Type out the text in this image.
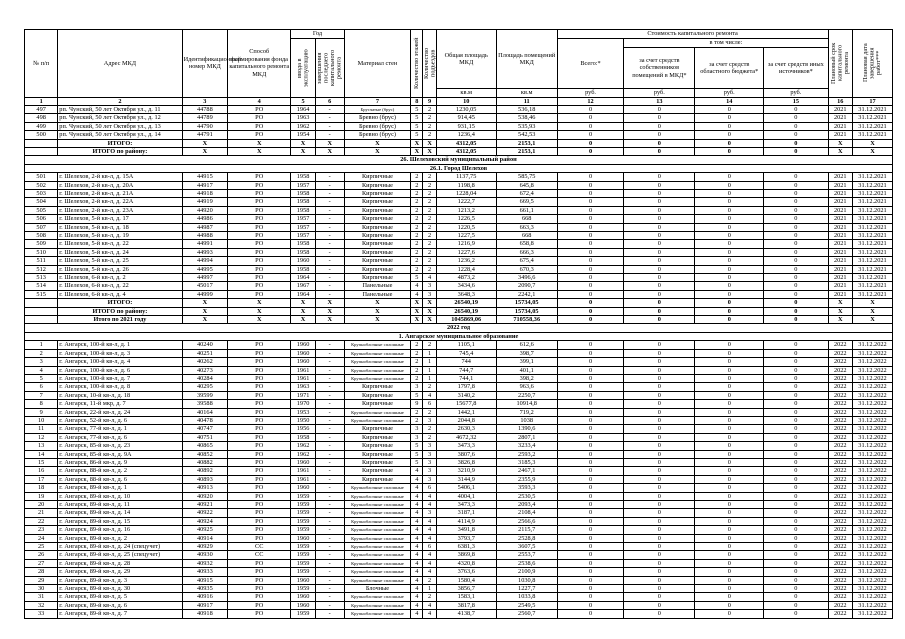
№ п/п	Адрес МКД	Идентификационный номер МКД	Способ формирования фонда капитального ремонта МКД	Год		Материал стен	Количество этажей	Количество подъездов	Общая площадь МКД	Площадь помещений МКД	Стоимость капитального ремонта				Плановый срок капитального ремонта	Плановая дата завершения работ***

				ввода в эксплуатацию	завершения последнего капитального ремонта						Всего:*	в том числе:				
												за счет средств собственников помещений в МКД*	за счет средств областного бюджета*	за счет средств иных источников*		
									кв.м	кв.м	руб.	руб.	руб.	руб.		
1	2	3	4	5	6	7	8	9	10	11	12	13	14	15	16	17
497	рп. Чунский, 50 лет Октября ул., д. 11	44788	РО	1964	-	Брусчатые (брус)	5	2	1230,05	536,18	0	0	0	0	2021	31.12.2021
498	рп. Чунский, 50 лет Октября ул., д. 12	44789	РО	1963	-	Бревно (брус)	5	2	914,45	538,46	0	0	0	0	2021	31.12.2021
499	рп. Чунский, 50 лет Октября ул., д. 13	44790	РО	1962	-	Бревно (брус)	5	2	931,15	535,93	0	0	0	0	2021	31.12.2021
500	рп. Чунский, 50 лет Октября ул., д. 14	44791	РО	1954	-	Бревно (брус)	5	2	1236,4	542,53	0	0	0	0	2021	31.12.2021
	ИТОГО:	X	X	X	X	X	X	X	4312,05	2153,1	0	0	0	0	X	X
	ИТОГО по району:	X	X	X	X	X	X	X	4312,05	2153,1	0	0	0	0	X	X
26. Шелеховский муниципальный район																
26.1. Город Шелехов																
501	г. Шелехов, 2-й кв-л, д. 15А	44915	РО	1958	-	Кирпичные	2	2	1137,75	585,75	0	0	0	0	2021	31.12.2021
502	г. Шелехов, 2-й кв-л, д. 20А	44917	РО	1957	-	Кирпичные	2	2	1198,8	645,8	0	0	0	0	2021	31.12.2021
503	г. Шелехов, 2-й кв-л, д. 21А	44918	РО	1958	-	Кирпичные	2	2	1228,04	672,4	0	0	0	0	2021	31.12.2021
504	г. Шелехов, 2-й кв-л, д. 22А	44919	РО	1958	-	Кирпичные	2	2	1222,7	669,5	0	0	0	0	2021	31.12.2021
505	г. Шелехов, 2-й кв-л, д. 23А	44920	РО	1958	-	Кирпичные	2	2	1213,2	661,1	0	0	0	0	2021	31.12.2021
506	г. Шелехов, 5-й кв-л, д. 17	44986	РО	1957	-	Кирпичные	2	2	1226,5	668	0	0	0	0	2021	31.12.2021
507	г. Шелехов, 5-й кв-л, д. 18	44987	РО	1957	-	Кирпичные	2	2	1220,5	663,3	0	0	0	0	2021	31.12.2021
508	г. Шелехов, 5-й кв-л, д. 19	44988	РО	1957	-	Кирпичные	2	2	1227,5	668	0	0	0	0	2021	31.12.2021
509	г. Шелехов, 5-й кв-л, д. 22	44991	РО	1958	-	Кирпичные	2	2	1216,9	658,8	0	0	0	0	2021	31.12.2021
510	г. Шелехов, 5-й кв-л, д. 24	44993	РО	1958	-	Кирпичные	2	2	1227,6	666,3	0	0	0	0	2021	31.12.2021
511	г. Шелехов, 5-й кв-л, д. 25	44994	РО	1960	-	Кирпичные	2	2	1236,2	675,4	0	0	0	0	2021	31.12.2021
512	г. Шелехов, 5-й кв-л, д. 26	44995	РО	1958	-	Кирпичные	2	2	1228,4	670,3	0	0	0	0	2021	31.12.2021
513	г. Шелехов, 6-й кв-л, д. 2	44997	РО	1964	-	Кирпичные	5	4	4873,2	3496,6	0	0	0	0	2021	31.12.2021
514	г. Шелехов, 6-й кв-л, д. 22	45017	РО	1967	-	Панельные	4	3	3434,6	2090,7	0	0	0	0	2021	31.12.2021
515	г. Шелехов, 6-й кв-л, д. 4	44999	РО	1964	-	Панельные	4	3	3648,3	2242,1	0	0	0	0	2021	31.12.2021
	ИТОГО:	X	X	X	X	X	X	X	26540,19	15734,05	0	0	0	0	X	X
	ИТОГО по району:	X	X	X	X	X	X	X	26540,19	15734,05	0	0	0	0	X	X
	Итого по 2021 году	X	X	X	X	X	X	X	1045869,06	710558,36	0	0	0	0	X	X
2022 год																
1. Ангарское муниципальное образование																
1	г. Ангарск, 100-й кв-л, д. 1	40240	РО	1960	-	Крупноблочные сплошные	2	2	1105,1	612,6	0	0	0	0	2022	31.12.2022
2	г. Ангарск, 100-й кв-л, д. 3	40251	РО	1960	-	Крупноблочные сплошные	2	1	745,4	398,7	0	0	0	0	2022	31.12.2022
3	г. Ангарск, 100-й кв-л, д. 4	40262	РО	1960	-	Крупноблочные сплошные	2	1	744	399,1	0	0	0	0	2022	31.12.2022
4	г. Ангарск, 100-й кв-л, д. 6	40273	РО	1961	-	Крупноблочные сплошные	2	1	744,7	401,1	0	0	0	0	2022	31.12.2022
5	г. Ангарск, 100-й кв-л, д. 7	40284	РО	1961	-	Крупноблочные сплошные	2	1	744,1	398,2	0	0	0	0	2022	31.12.2022
6	г. Ангарск, 100-й кв-л, д. 8	40295	РО	1963	-	Кирпичные	3	2	1797,8	963,6	0	0	0	0	2022	31.12.2022
7	г. Ангарск, 10-й кв-л, д. 18	39599	РО	1971	-	Кирпичные	5	4	3140,2	2250,7	0	0	0	0	2022	31.12.2022
8	г. Ангарск, 11-й мкр, д. 7	39588	РО	1970	-	Кирпичные	9	6	15677,8	10914,8	0	0	0	0	2022	31.12.2022
9	г. Ангарск, 22-й кв-л, д. 24	40164	РО	1953	-	Крупноблочные сплошные	2	2	1442,1	719,2	0	0	0	0	2022	31.12.2022
10	г. Ангарск, 52-й кв-л, д. 6	40478	РО	1950	-	Крупноблочные сплошные	2	3	2044,8	1038	0	0	0	0	2022	31.12.2022
11	г. Ангарск, 77-й кв-л, д. 1	40747	РО	1956	-	Кирпичные	3	2	2630,3	1390,6	0	0	0	0	2022	31.12.2022
12	г. Ангарск, 77-й кв-л, д. 6	40751	РО	1958	-	Кирпичные	3	2	4672,32	2807,1	0	0	0	0	2022	31.12.2022
13	г. Ангарск, 85-й кв-л, д. 23	40865	РО	1962	-	Кирпичные	5	3	3473,3	3233,4	0	0	0	0	2022	31.12.2022
14	г. Ангарск, 85-й кв-л, д. 9А	40852	РО	1962	-	Кирпичные	5	3	3807,6	2593,2	0	0	0	0	2022	31.12.2022
15	г. Ангарск, 86-й кв-л, д. 9	40882	РО	1960	-	Кирпичные	5	3	3826,8	3185,3	0	0	0	0	2022	31.12.2022
16	г. Ангарск, 88-й кв-л, д. 2	40892	РО	1961	-	Кирпичные	4	3	3210,9	2467,1	0	0	0	0	2022	31.12.2022
17	г. Ангарск, 88-й кв-л, д. 6	40893	РО	1961	-	Кирпичные	4	3	3144,9	2355,9	0	0	0	0	2022	31.12.2022
18	г. Ангарск, 89-й кв-л, д. 1	40913	РО	1960	-	Крупноблочные сплошные	4	6	5406,1	3593,3	0	0	0	0	2022	31.12.2022
19	г. Ангарск, 89-й кв-л, д. 10	40920	РО	1959	-	Крупноблочные сплошные	4	4	4004,1	2530,5	0	0	0	0	2022	31.12.2022
20	г. Ангарск, 89-й кв-л, д. 11	40921	РО	1959	-	Крупноблочные сплошные	4	4	3473,3	2093,4	0	0	0	0	2022	31.12.2022
21	г. Ангарск, 89-й кв-л, д. 14	40922	РО	1959	-	Крупноблочные сплошные	4	3	3187,1	2108,4	0	0	0	0	2022	31.12.2022
22	г. Ангарск, 89-й кв-л, д. 15	40924	РО	1959	-	Крупноблочные сплошные	4	4	4114,9	2566,6	0	0	0	0	2022	31.12.2022
23	г. Ангарск, 89-й кв-л, д. 16	40925	РО	1959	-	Крупноблочные сплошные	4	4	3491,8	2115,7	0	0	0	0	2022	31.12.2022
24	г. Ангарск, 89-й кв-л, д. 2	40914	РО	1960	-	Крупноблочные сплошные	4	4	3793,7	2528,8	0	0	0	0	2022	31.12.2022
25	г. Ангарск, 89-й кв-л, д. 24 (спецучет)	40929	СС	1959	-	Крупноблочные сплошные	4	6	6381,3	3607,5	0	0	0	0	2022	31.12.2022
26	г. Ангарск, 89-й кв-л, д. 25 (спецучет)	40930	СС	1959	-	Крупноблочные сплошные	4	4	3869,8	2553,7	0	0	0	0	2022	31.12.2022
27	г. Ангарск, 89-й кв-л, д. 28	40932	РО	1959	-	Крупноблочные сплошные	4	4	4320,8	2538,6	0	0	0	0	2022	31.12.2022
28	г. Ангарск, 89-й кв-л, д. 29	40933	РО	1959	-	Крупноблочные сплошные	4	4	3763,6	2100,9	0	0	0	0	2022	31.12.2022
29	г. Ангарск, 89-й кв-л, д. 3	40915	РО	1960	-	Крупноблочные сплошные	4	2	1580,4	1030,8	0	0	0	0	2022	31.12.2022
30	г. Ангарск, 89-й кв-л, д. 30	40935	РО	1959	-	Блочные	4	1	3856,7	1227,7	0	0	0	0	2022	31.12.2022
31	г. Ангарск, 89-й кв-л, д. 5	40916	РО	1960	-	Крупноблочные сплошные	4	2	1583,1	1033,8	0	0	0	0	2022	31.12.2022
32	г. Ангарск, 89-й кв-л, д. 6	40917	РО	1960	-	Крупноблочные сплошные	4	4	3817,8	2549,5	0	0	0	0	2022	31.12.2022
33	г. Ангарск, 89-й кв-л, д. 7	40918	РО	1959	-	Крупноблочные сплошные	4	4	4138,7	2560,7	0	0	0	0	2022	31.12.2022
